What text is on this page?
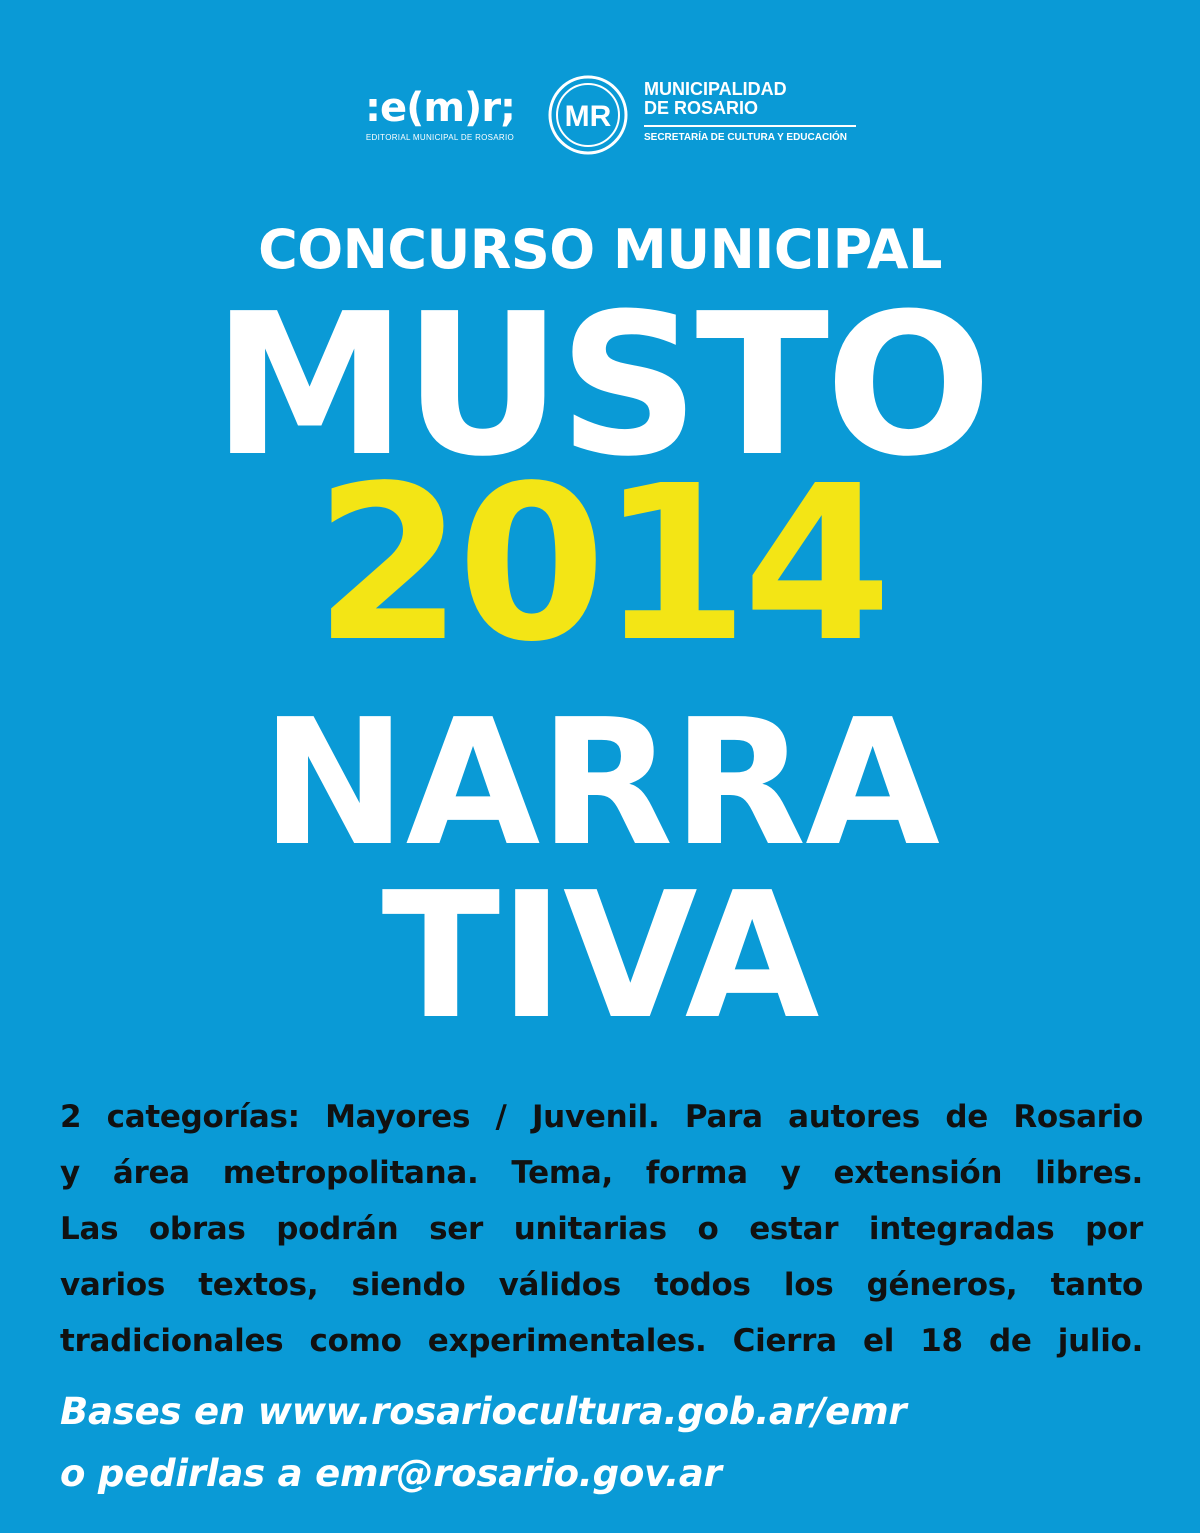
:e(m)r;
EDITORIAL MUNICIPAL DE ROSARIO
MR
MUNICIPALIDAD
DE ROSARIO
SECRETARÍA DE CULTURA Y EDUCACIÓN
CONCURSO MUNICIPAL
MUSTO
2014
NARRA
TIVA
2 categorías: Mayores / Juvenil. Para autores de Rosario
y área metropolitana. Tema, forma y extensión libres.
Las obras podrán ser unitarias o estar integradas por
varios textos, siendo válidos todos los géneros, tanto
tradicionales como experimentales. Cierra el 18 de julio.
Bases en www.rosariocultura.gob.ar/emr
o pedirlas a emr@rosario.gov.ar
